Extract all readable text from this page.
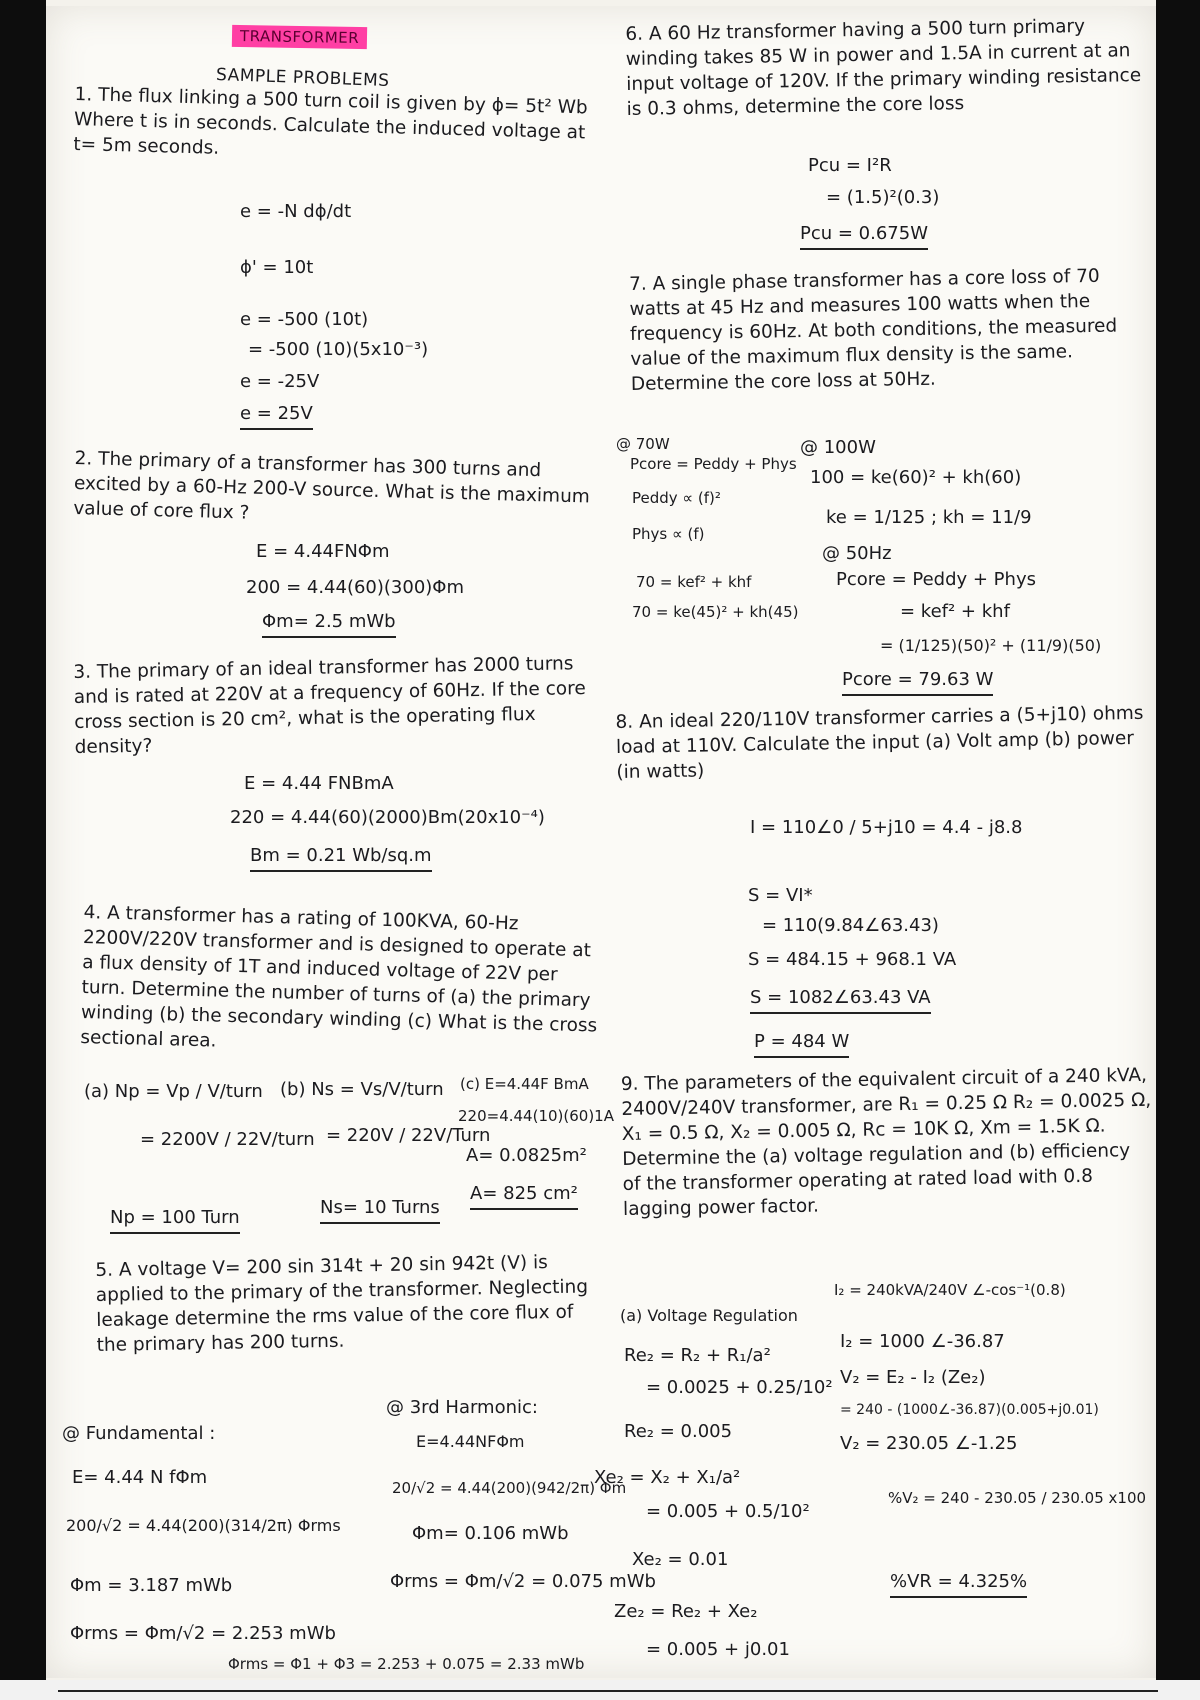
TRANSFORMER
SAMPLE PROBLEMS
1. The flux linking a 500 turn coil is given by ϕ= 5t² Wb Where t is in seconds. Calculate the induced voltage at t= 5m seconds.
e = -N dϕ/dt
ϕ' = 10t
e = -500 (10t)
= -500 (10)(5x10⁻³)
e = -25V
e = 25V
2. The primary of a transformer has 300 turns and excited by a 60-Hz 200-V source. What is the maximum value of core flux ?
E = 4.44FNΦm
200 = 4.44(60)(300)Φm
Φm= 2.5 mWb
3. The primary of an ideal transformer has 2000 turns and is rated at 220V at a frequency of 60Hz. If the core cross section is 20 cm², what is the operating flux density?
E = 4.44 FNBmA
220 = 4.44(60)(2000)Bm(20x10⁻⁴)
Bm = 0.21 Wb/sq.m
4. A transformer has a rating of 100KVA, 60-Hz 2200V/220V transformer and is designed to operate at a flux density of 1T and induced voltage of 22V per turn. Determine the number of turns of (a) the primary winding (b) the secondary winding (c) What is the cross sectional area.
(a) Np = Vp / V/turn
= 2200V / 22V/turn
Np = 100 Turn
(b) Ns = Vs/V/turn
= 220V / 22V/Turn
Ns= 10 Turns
(c) E=4.44F BmA
220=4.44(10)(60)1A
A= 0.0825m²
A= 825 cm²
5. A voltage V= 200 sin 314t + 20 sin 942t (V) is applied to the primary of the transformer. Neglecting leakage determine the rms value of the core flux of the primary has 200 turns.
@ Fundamental :
E= 4.44 N fΦm
200/√2 = 4.44(200)(314/2π) Φrms
Φm = 3.187 mWb
Φrms = Φm/√2 = 2.253 mWb
@ 3rd Harmonic:
E=4.44NFΦm
20/√2 = 4.44(200)(942/2π) Φm
Φm= 0.106 mWb
Φrms = Φm/√2 = 0.075 mWb
Φrms = Φ1 + Φ3 = 2.253 + 0.075 = 2.33 mWb
6. A 60 Hz transformer having a 500 turn primary winding takes 85 W in power and 1.5A in current at an input voltage of 120V. If the primary winding resistance is 0.3 ohms, determine the core loss
Pcu = I²R
= (1.5)²(0.3)
Pcu = 0.675W
7. A single phase transformer has a core loss of 70 watts at 45 Hz and measures 100 watts when the frequency is 60Hz. At both conditions, the measured value of the maximum flux density is the same. Determine the core loss at 50Hz.
@ 70W
Pcore = Peddy + Phys
Peddy ∝ (f)²
Phys ∝ (f)
70 = kef² + khf
70 = ke(45)² + kh(45)
@ 100W
100 = ke(60)² + kh(60)
ke = 1/125 ; kh = 11/9
@ 50Hz
Pcore = Peddy + Phys
= kef² + khf
= (1/125)(50)² + (11/9)(50)
Pcore = 79.63 W
8. An ideal 220/110V transformer carries a (5+j10) ohms load at 110V. Calculate the input (a) Volt amp (b) power (in watts)
I = 110∠0 / 5+j10 = 4.4 - j8.8
S = VI*
= 110(9.84∠63.43)
S = 484.15 + 968.1 VA
S = 1082∠63.43 VA
P = 484 W
9. The parameters of the equivalent circuit of a 240 kVA, 2400V/240V transformer, are R₁ = 0.25 Ω R₂ = 0.0025 Ω, X₁ = 0.5 Ω, X₂ = 0.005 Ω, Rc = 10K Ω, Xm = 1.5K Ω. Determine the (a) voltage regulation and (b) efficiency of the transformer operating at rated load with 0.8 lagging power factor.
(a) Voltage Regulation
Re₂ = R₂ + R₁/a²
= 0.0025 + 0.25/10²
Re₂ = 0.005
Xe₂ = X₂ + X₁/a²
= 0.005 + 0.5/10²
Xe₂ = 0.01
Ze₂ = Re₂ + Xe₂
= 0.005 + j0.01
I₂ = 240kVA/240V ∠-cos⁻¹(0.8)
I₂ = 1000 ∠-36.87
V₂ = E₂ - I₂ (Ze₂)
= 240 - (1000∠-36.87)(0.005+j0.01)
V₂ = 230.05 ∠-1.25
%V₂ = 240 - 230.05 / 230.05 x100
%VR = 4.325%
